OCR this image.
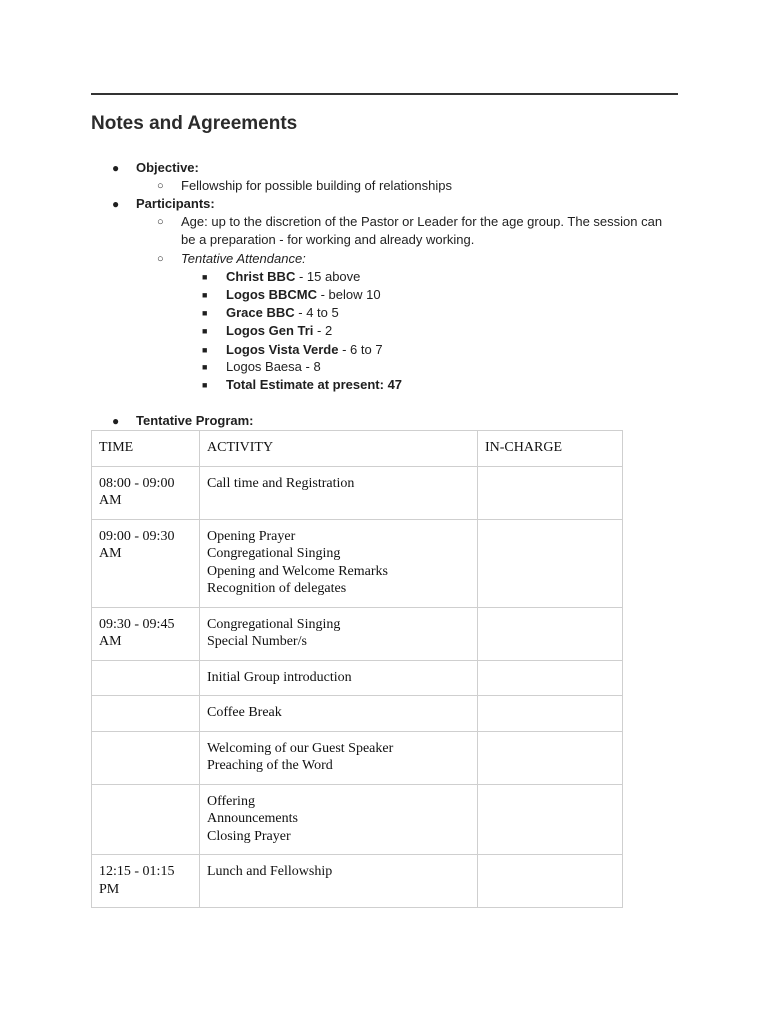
Notes and Agreements
● Objective:
○ Fellowship for possible building of relationships
● Participants:
○ Age: up to the discretion of the Pastor or Leader for the age group. The session can
be a preparation - for working and already working.
○ Tentative Attendance:
■ Christ BBC - 15 above
■ Logos BBCMC - below 10
■ Grace BBC - 4 to 5
■ Logos Gen Tri - 2
■ Logos Vista Verde - 6 to 7
■ Logos Baesa - 8
■ Total Estimate at present: 47
● Tentative Program:
TIME	ACTIVITY	IN-CHARGE
08:00 - 09:00
AM	Call time and Registration	
09:00 - 09:30
AM	Opening Prayer
Congregational Singing
Opening and Welcome Remarks
Recognition of delegates	
09:30 - 09:45
AM	Congregational Singing
Special Number/s	
	Initial Group introduction	
	Coffee Break	
	Welcoming of our Guest Speaker
Preaching of the Word	
	Offering
Announcements
Closing Prayer	
12:15 - 01:15
PM	Lunch and Fellowship	
